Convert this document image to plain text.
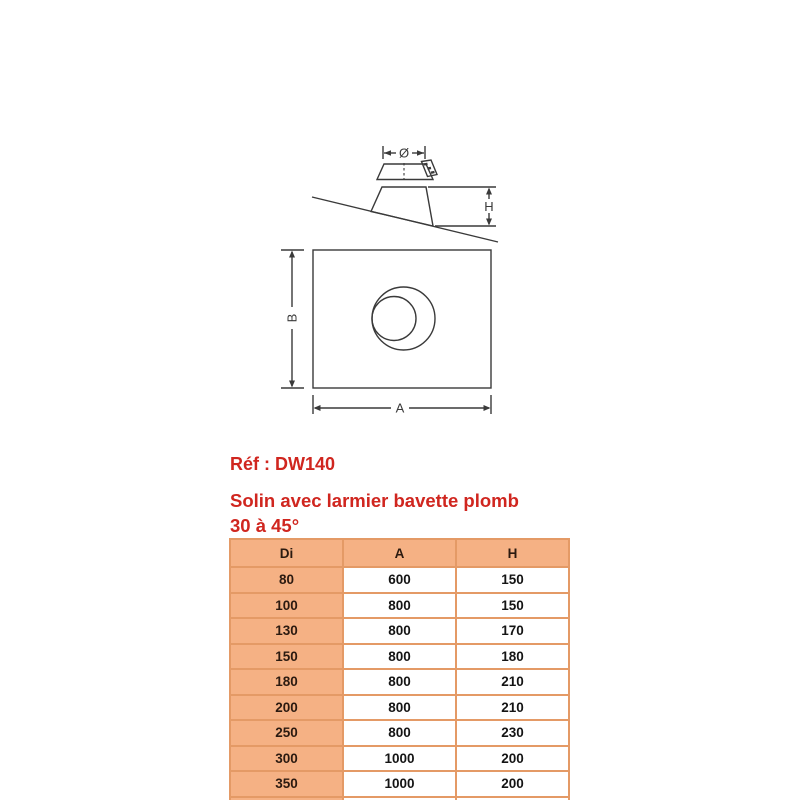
Ø
H
B
A
Réf : DW140
Solin avec larmier bavette plomb
30 à 45°
Di	A	H
80	600	150
100	800	150
130	800	170
150	800	180
180	800	210
200	800	210
250	800	230
300	1000	200
350	1000	200
